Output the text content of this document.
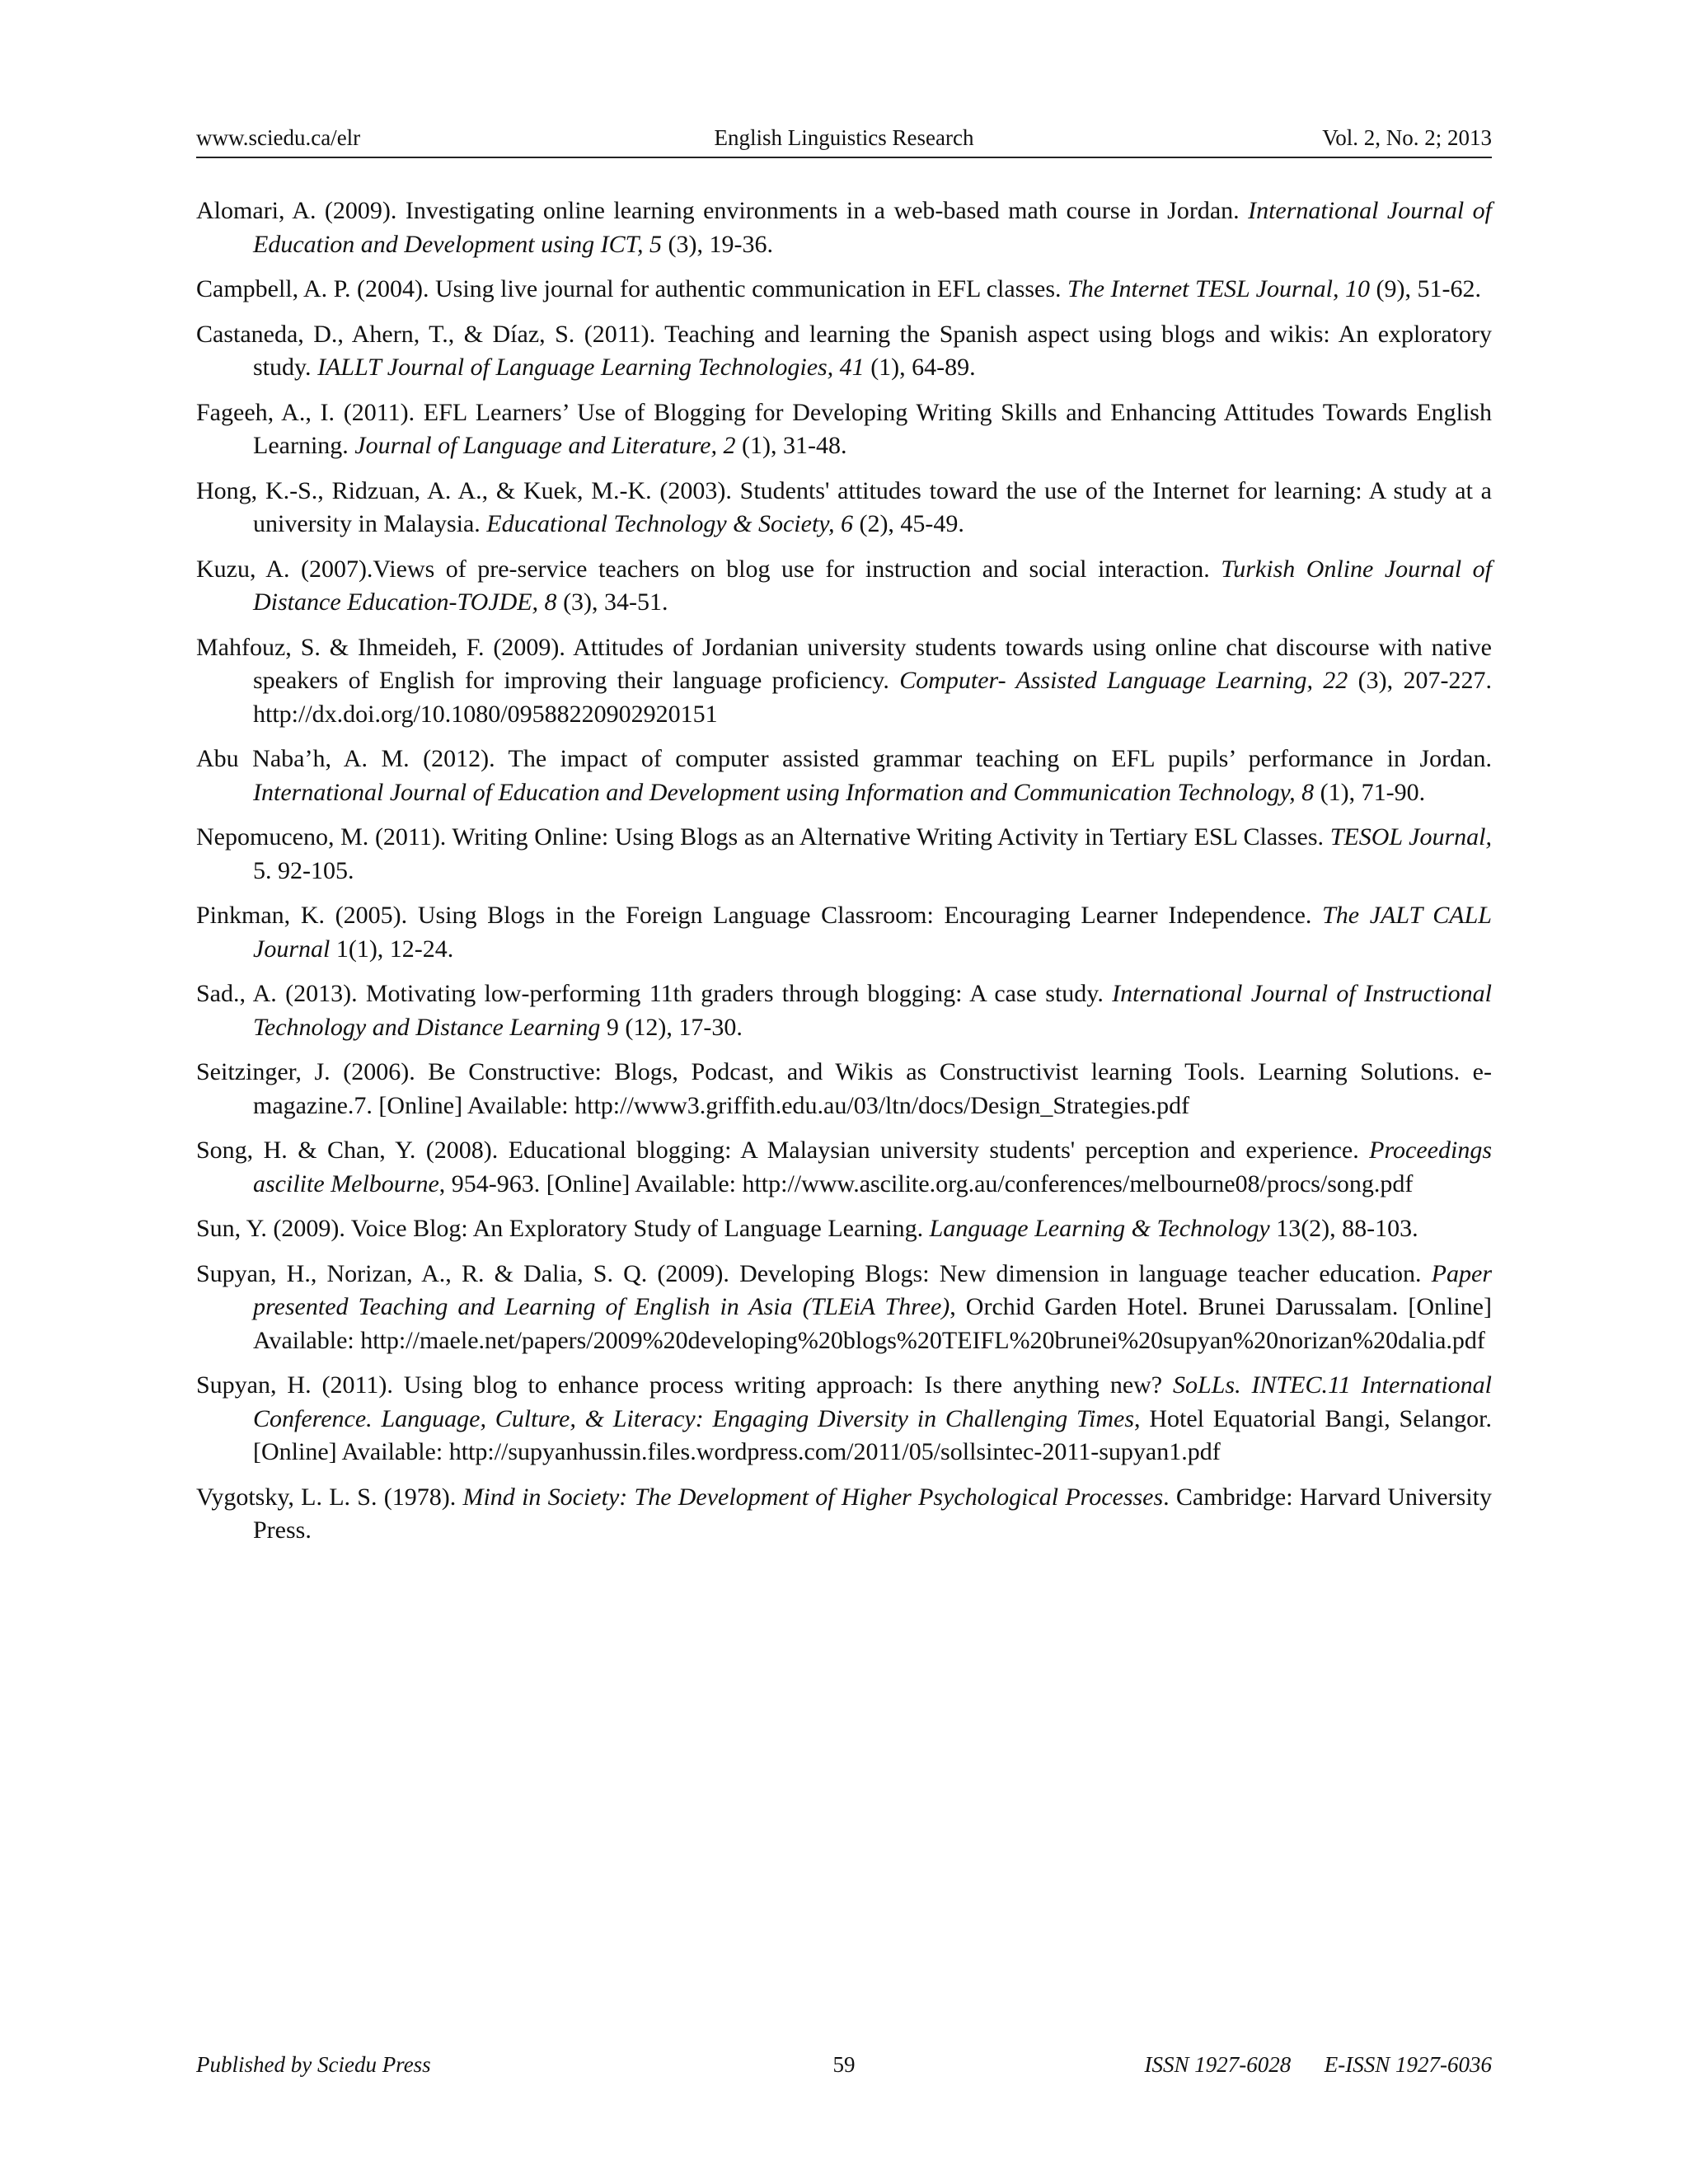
www.sciedu.ca/elr	English Linguistics Research	Vol. 2, No. 2; 2013

Alomari, A. (2009). Investigating online learning environments in a web-based math course in Jordan. International Journal of Education and Development using ICT, 5 (3), 19-36.

Campbell, A. P. (2004). Using live journal for authentic communication in EFL classes. The Internet TESL Journal, 10 (9), 51-62.

Castaneda, D., Ahern, T., & Díaz, S. (2011). Teaching and learning the Spanish aspect using blogs and wikis: An exploratory study. IALLT Journal of Language Learning Technologies, 41 (1), 64-89.

Fageeh, A., I. (2011). EFL Learners’ Use of Blogging for Developing Writing Skills and Enhancing Attitudes Towards English Learning. Journal of Language and Literature, 2 (1), 31-48.

Hong, K.-S., Ridzuan, A. A., & Kuek, M.-K. (2003). Students' attitudes toward the use of the Internet for learning: A study at a university in Malaysia. Educational Technology & Society, 6 (2), 45-49.

Kuzu, A. (2007).Views of pre-service teachers on blog use for instruction and social interaction. Turkish Online Journal of Distance Education-TOJDE, 8 (3), 34-51.

Mahfouz, S. & Ihmeideh, F. (2009). Attitudes of Jordanian university students towards using online chat discourse with native speakers of English for improving their language proficiency. Computer- Assisted Language Learning, 22 (3), 207-227. http://dx.doi.org/10.1080/09588220902920151

Abu Naba’h, A. M. (2012). The impact of computer assisted grammar teaching on EFL pupils’ performance in Jordan. International Journal of Education and Development using Information and Communication Technology, 8 (1), 71-90.

Nepomuceno, M. (2011). Writing Online: Using Blogs as an Alternative Writing Activity in Tertiary ESL Classes. TESOL Journal, 5. 92-105.

Pinkman, K. (2005). Using Blogs in the Foreign Language Classroom: Encouraging Learner Independence. The JALT CALL Journal 1(1), 12-24.

Sad., A. (2013). Motivating low-performing 11th graders through blogging: A case study. International Journal of Instructional Technology and Distance Learning 9 (12), 17-30.

Seitzinger, J. (2006). Be Constructive: Blogs, Podcast, and Wikis as Constructivist learning Tools. Learning Solutions. e-magazine.7. [Online] Available: http://www3.griffith.edu.au/03/ltn/docs/Design_Strategies.pdf

Song, H. & Chan, Y. (2008). Educational blogging: A Malaysian university students' perception and experience. Proceedings ascilite Melbourne, 954-963. [Online] Available: http://www.ascilite.org.au/conferences/melbourne08/procs/song.pdf

Sun, Y. (2009). Voice Blog: An Exploratory Study of Language Learning. Language Learning & Technology 13(2), 88-103.

Supyan, H., Norizan, A., R. & Dalia, S. Q. (2009). Developing Blogs: New dimension in language teacher education. Paper presented Teaching and Learning of English in Asia (TLEiA Three), Orchid Garden Hotel. Brunei Darussalam. [Online] Available: http://maele.net/papers/2009%20developing%20blogs%20TEIFL%20brunei%20supyan%20norizan%20dalia.pdf

Supyan, H. (2011). Using blog to enhance process writing approach: Is there anything new? SoLLs. INTEC.11 International Conference. Language, Culture, & Literacy: Engaging Diversity in Challenging Times, Hotel Equatorial Bangi, Selangor. [Online] Available: http://supyanhussin.files.wordpress.com/2011/05/sollsintec-2011-supyan1.pdf

Vygotsky, L. L. S. (1978). Mind in Society: The Development of Higher Psychological Processes. Cambridge: Harvard University Press.

Published by Sciedu Press	59	ISSN 1927-6028 E-ISSN 1927-6036
